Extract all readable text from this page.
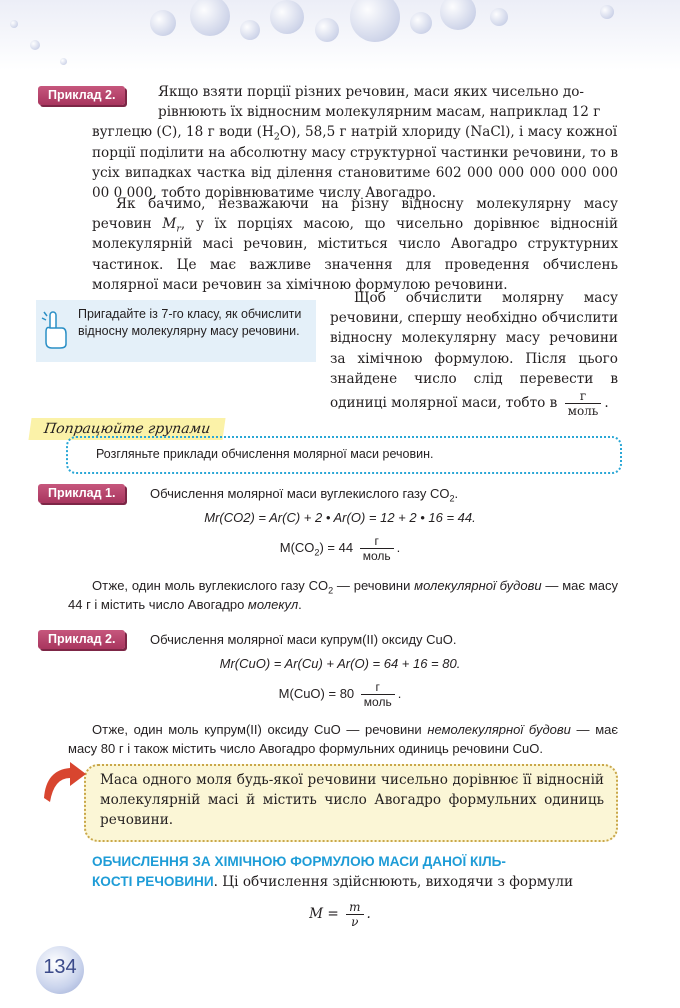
Приклад 2.	Якщо взяти порції різних речовин, маси яких чисельно до-
рівнюють їх відносним молекулярним масам, наприклад 12 г
вуглецю (C), 18 г води $(H_2O)$, 58,5 г натрій хлориду (NaCl), і масу кожної
порції поділити на абсолютну масу структурної частинки речовини, то в усіх випадках частка від ділення становитиме 602 000 000 000 000 000 00 0 000, тобто дорівнюватиме числу Авогадро.
Як бачимо, незважаючи на різну відносну молекулярну масу речовин $M_r$, у їх порціях масою, що чисельно дорівнює відносній молекулярній масі речовин, міститься число Авогадро структурних частинок. Це має важливе значення для проведення обчислень молярної маси речовин за хімічною формулою речовини.
Пригадайте із 7-го класу, як обчислити відносну молекулярну масу речовини.
Щоб обчислити молярну масу речовини, спершу необхідно обчислити відносну молекулярну масу речовини за хімічною формулою. Після цього знайдене число слід перевести в одиниці молярної маси, тобто в $\frac{г}{\text{моль}}$ .
Попрацюйте групами
Розгляньте приклади обчислення молярної маси речовин.
Приклад 1.	Обчислення молярної маси вуглекислого газу $CO_2$.
Mr(CO2) = Ar(C) + 2 • Ar(O) = 12 + 2 • 16 = 44.
$M(CO_2) = 44 \frac{г}{\text{моль}}$ .
Отже, один моль вуглекислого газу $CO_2$ — речовини молекулярної будови — має масу 44 г і містить число Авогадро молекул.
Приклад 2.	Обчислення молярної маси купрум(II) оксиду CuO.
Mr(CuO) = Ar(Cu) + Ar(O) = 64 + 16 = 80.
$M(CuO) = 80 \frac{г}{\text{моль}}$ .
Отже, один моль купрум(II) оксиду CuO — речовини немолекулярної будови — має масу 80 г і також містить число Авогадро формульних одиниць речовини CuO.
Маса одного моля будь-якої речовини чисельно дорівнює її відносній молекулярній масі й містить число Авогадро формульних одиниць речовини.
ОБЧИСЛЕННЯ ЗА ХІМІЧНОЮ ФОРМУЛОЮ МАСИ ДАНОЇ КІЛЬ-
КОСТІ РЕЧОВИНИ. Ці обчислення здійснюють, виходячи з формули
$M = \frac{m}{\nu}$ .
134
